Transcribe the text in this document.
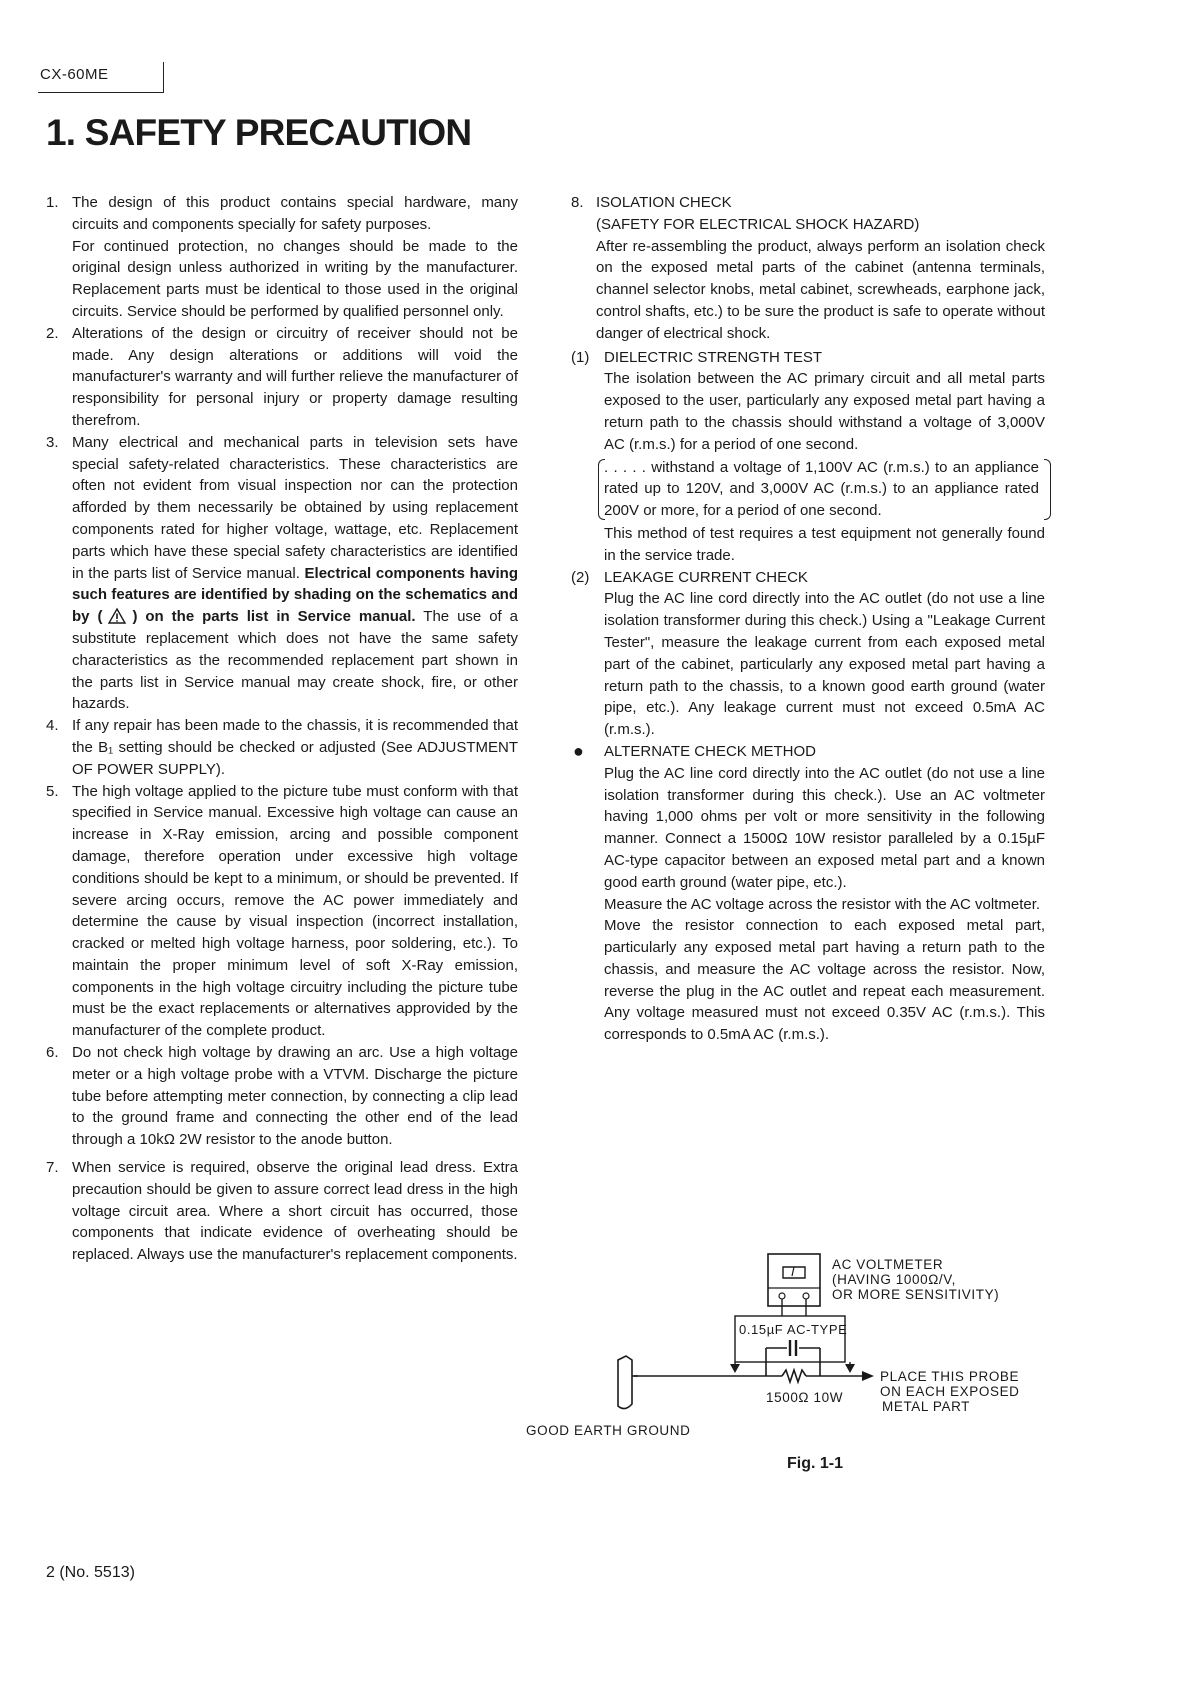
CX-60ME
1. SAFETY PRECAUTION
1. The design of this product contains special hardware, many circuits and components specially for safety purposes.
For continued protection, no changes should be made to the original design unless authorized in writing by the manufacturer. Replacement parts must be identical to those used in the original circuits. Service should be performed by qualified personnel only.
2. Alterations of the design or circuitry of receiver should not be made. Any design alterations or additions will void the manufacturer's warranty and will further relieve the manufacturer of responsibility for personal injury or property damage resulting therefrom.
3. Many electrical and mechanical parts in television sets have special safety-related characteristics. These characteristics are often not evident from visual inspection nor can the protection afforded by them necessarily be obtained by using replacement components rated for higher voltage, wattage, etc. Replacement parts which have these special safety characteristics are identified in the parts list of Service manual. Electrical components having such features are identified by shading on the schematics and by ( ) on the parts list in Service manual. The use of a substitute replacement which does not have the same safety characteristics as the recommended replacement part shown in the parts list in Service manual may create shock, fire, or other hazards.
4. If any repair has been made to the chassis, it is recommended that the B₁ setting should be checked or adjusted (See ADJUSTMENT OF POWER SUPPLY).
5. The high voltage applied to the picture tube must conform with that specified in Service manual. Excessive high voltage can cause an increase in X-Ray emission, arcing and possible component damage, therefore operation under excessive high voltage conditions should be kept to a minimum, or should be prevented. If severe arcing occurs, remove the AC power immediately and determine the cause by visual inspection (incorrect installation, cracked or melted high voltage harness, poor soldering, etc.). To maintain the proper minimum level of soft X-Ray emission, components in the high voltage circuitry including the picture tube must be the exact replacements or alternatives approvided by the manufacturer of the complete product.
6. Do not check high voltage by drawing an arc. Use a high voltage meter or a high voltage probe with a VTVM. Discharge the picture tube before attempting meter connection, by connecting a clip lead to the ground frame and connecting the other end of the lead through a 10kΩ 2W resistor to the anode button.
7. When service is required, observe the original lead dress. Extra precaution should be given to assure correct lead dress in the high voltage circuit area. Where a short circuit has occurred, those components that indicate evidence of overheating should be replaced. Always use the manufacturer's replacement components.
8. ISOLATION CHECK
(SAFETY FOR ELECTRICAL SHOCK HAZARD)
After re-assembling the product, always perform an isolation check on the exposed metal parts of the cabinet (antenna terminals, channel selector knobs, metal cabinet, screwheads, earphone jack, control shafts, etc.) to be sure the product is safe to operate without danger of electrical shock.
(1) DIELECTRIC STRENGTH TEST
The isolation between the AC primary circuit and all metal parts exposed to the user, particularly any exposed metal part having a return path to the chassis should withstand a voltage of 3,000V AC (r.m.s.) for a period of one second.
. . . . . withstand a voltage of 1,100V AC (r.m.s.) to an appliance rated up to 120V, and 3,000V AC (r.m.s.) to an appliance rated 200V or more, for a period of one second.
This method of test requires a test equipment not generally found in the service trade.
(2) LEAKAGE CURRENT CHECK
Plug the AC line cord directly into the AC outlet (do not use a line isolation transformer during this check.) Using a "Leakage Current Tester", measure the leakage current from each exposed metal part of the cabinet, particularly any exposed metal part having a return path to the chassis, to a known good earth ground (water pipe, etc.). Any leakage current must not exceed 0.5mA AC (r.m.s.).
● ALTERNATE CHECK METHOD
Plug the AC line cord directly into the AC outlet (do not use a line isolation transformer during this check.). Use an AC voltmeter having 1,000 ohms per volt or more sensitivity in the following manner. Connect a 1500Ω 10W resistor paralleled by a 0.15µF AC-type capacitor between an exposed metal part and a known good earth ground (water pipe, etc.).
Measure the AC voltage across the resistor with the AC voltmeter.
Move the resistor connection to each exposed metal part, particularly any exposed metal part having a return path to the chassis, and measure the AC voltage across the resistor. Now, reverse the plug in the AC outlet and repeat each measurement. Any voltage measured must not exceed 0.35V AC (r.m.s.). This corresponds to 0.5mA AC (r.m.s.).
AC VOLTMETER
(HAVING 1000Ω/V,
OR MORE SENSITIVITY)
0.15µF AC-TYPE
1500Ω 10W
GOOD EARTH GROUND
PLACE THIS PROBE
ON EACH EXPOSED
METAL PART
Fig. 1-1
2 (No. 5513)
